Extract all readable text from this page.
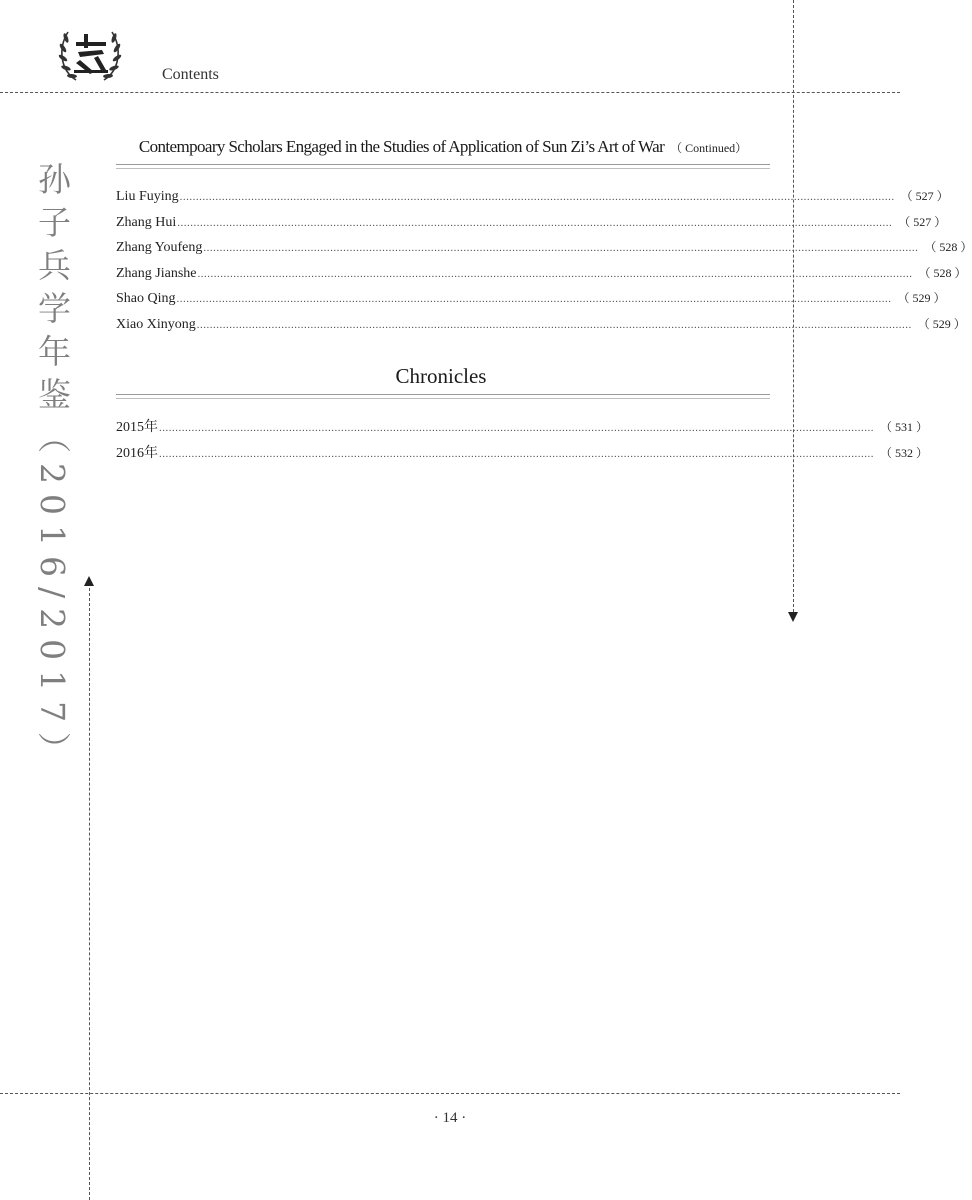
Contents
孙子兵学年鉴（2016/2017）
Contempoary Scholars Engaged in the Studies of Application of Sun Zi’s Art of War （ Continued）
Liu Fuying ............................................................................................................................................................................................................................ （ 527 ）
Zhang Hui ............................................................................................................................................................................................................................ （ 527 ）
Zhang Youfeng ............................................................................................................................................................................................................................ （ 528 ）
Zhang Jianshe ............................................................................................................................................................................................................................ （ 528 ）
Shao Qing ............................................................................................................................................................................................................................ （ 529 ）
Xiao Xinyong ............................................................................................................................................................................................................................ （ 529 ）
Chronicles
2015年 ............................................................................................................................................................................................................................ （ 531 ）
2016年 ............................................................................................................................................................................................................................ （ 532 ）
· 14 ·
